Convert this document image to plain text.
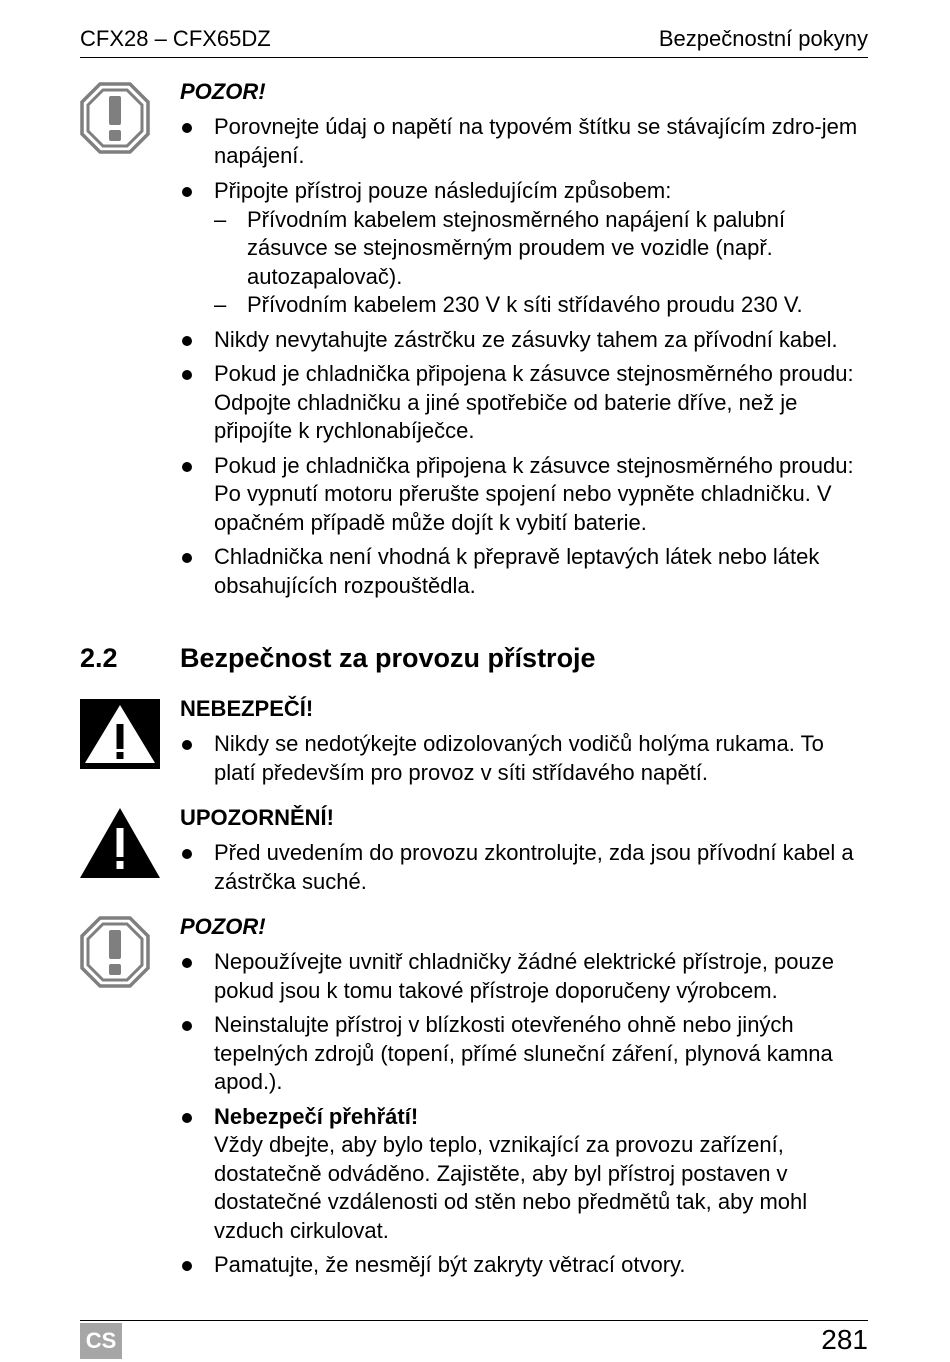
CFX28 – CFX65DZ	Bezpečnostní pokyny
POZOR!
Porovnejte údaj o napětí na typovém štítku se stávajícím zdro-jem napájení.
Připojte přístroj pouze následujícím způsobem:
– Přívodním kabelem stejnosměrného napájení k palubní zásuvce se stejnosměrným proudem ve vozidle (např. autozapalovač).
– Přívodním kabelem 230 V k síti střídavého proudu 230 V.
Nikdy nevytahujte zástrčku ze zásuvky tahem za přívodní kabel.
Pokud je chladnička připojena k zásuvce stejnosměrného proudu: Odpojte chladničku a jiné spotřebiče od baterie dříve, než je připojíte k rychlonabíječce.
Pokud je chladnička připojena k zásuvce stejnosměrného proudu: Po vypnutí motoru přerušte spojení nebo vypněte chladničku. V opačném případě může dojít k vybití baterie.
Chladnička není vhodná k přepravě leptavých látek nebo látek obsahujících rozpouštědla.
2.2 Bezpečnost za provozu přístroje
NEBEZPEČÍ!
Nikdy se nedotýkejte odizolovaných vodičů holýma rukama. To platí především pro provoz v síti střídavého napětí.
UPOZORNĚNÍ!
Před uvedením do provozu zkontrolujte, zda jsou přívodní kabel a zástrčka suché.
POZOR!
Nepoužívejte uvnitř chladničky žádné elektrické přístroje, pouze pokud jsou k tomu takové přístroje doporučeny výrobcem.
Neinstalujte přístroj v blízkosti otevřeného ohně nebo jiných tepelných zdrojů (topení, přímé sluneční záření, plynová kamna apod.).
Nebezpečí přehřátí!
Vždy dbejte, aby bylo teplo, vznikající za provozu zařízení, dostatečně odváděno. Zajistěte, aby byl přístroj postaven v dostatečné vzdálenosti od stěn nebo předmětů tak, aby mohl vzduch cirkulovat.
Pamatujte, že nesmějí být zakryty větrací otvory.
CS	281
